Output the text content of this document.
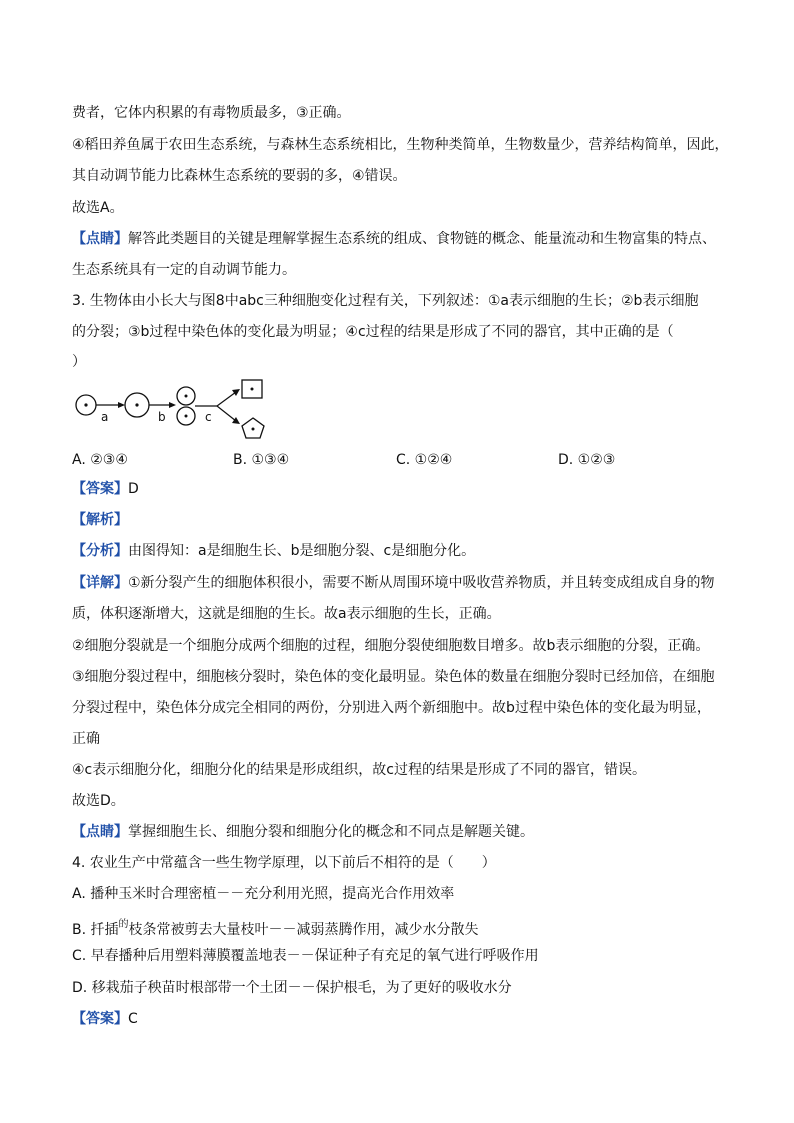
费者，它体内积累的有毒物质最多，③正确。
④稻田养鱼属于农田生态系统，与森林生态系统相比，生物种类简单，生物数量少，营养结构简单，因此，
其自动调节能力比森林生态系统的要弱的多，④错误。
故选A。
【点睛】解答此类题目的关键是理解掌握生态系统的组成、食物链的概念、能量流动和生物富集的特点、
生态系统具有一定的自动调节能力。
3. 生物体由小长大与图8中abc三种细胞变化过程有关，下列叙述：①a表示细胞的生长；②b表示细胞
的分裂；③b过程中染色体的变化最为明显；④c过程的结果是形成了不同的器官，其中正确的是（
）
a	b	c
A. ②③④	B. ①③④	C. ①②④	D. ①②③
【答案】D
【解析】
【分析】由图得知：a是细胞生长、b是细胞分裂、c是细胞分化。
【详解】①新分裂产生的细胞体积很小，需要不断从周围环境中吸收营养物质，并且转变成组成自身的物
质，体积逐渐增大，这就是细胞的生长。故a表示细胞的生长，正确。
②细胞分裂就是一个细胞分成两个细胞的过程，细胞分裂使细胞数目增多。故b表示细胞的分裂，正确。
③细胞分裂过程中，细胞核分裂时，染色体的变化最明显。染色体的数量在细胞分裂时已经加倍，在细胞
分裂过程中，染色体分成完全相同的两份，分别进入两个新细胞中。故b过程中染色体的变化最为明显，
正确
④c表示细胞分化，细胞分化的结果是形成组织，故c过程的结果是形成了不同的器官，错误。
故选D。
【点睛】掌握细胞生长、细胞分裂和细胞分化的概念和不同点是解题关键。
4. 农业生产中常蕴含一些生物学原理，以下前后不相符的是（　　）
A. 播种玉米时合理密植－－充分利用光照，提高光合作用效率
B. 扦插$^的$枝条常被剪去大量枝叶－－减弱蒸腾作用，减少水分散失
C. 早春播种后用塑料薄膜覆盖地表－－保证种子有充足的氧气进行呼吸作用
D. 移栽茄子秧苗时根部带一个土团－－保护根毛，为了更好的吸收水分
【答案】C
